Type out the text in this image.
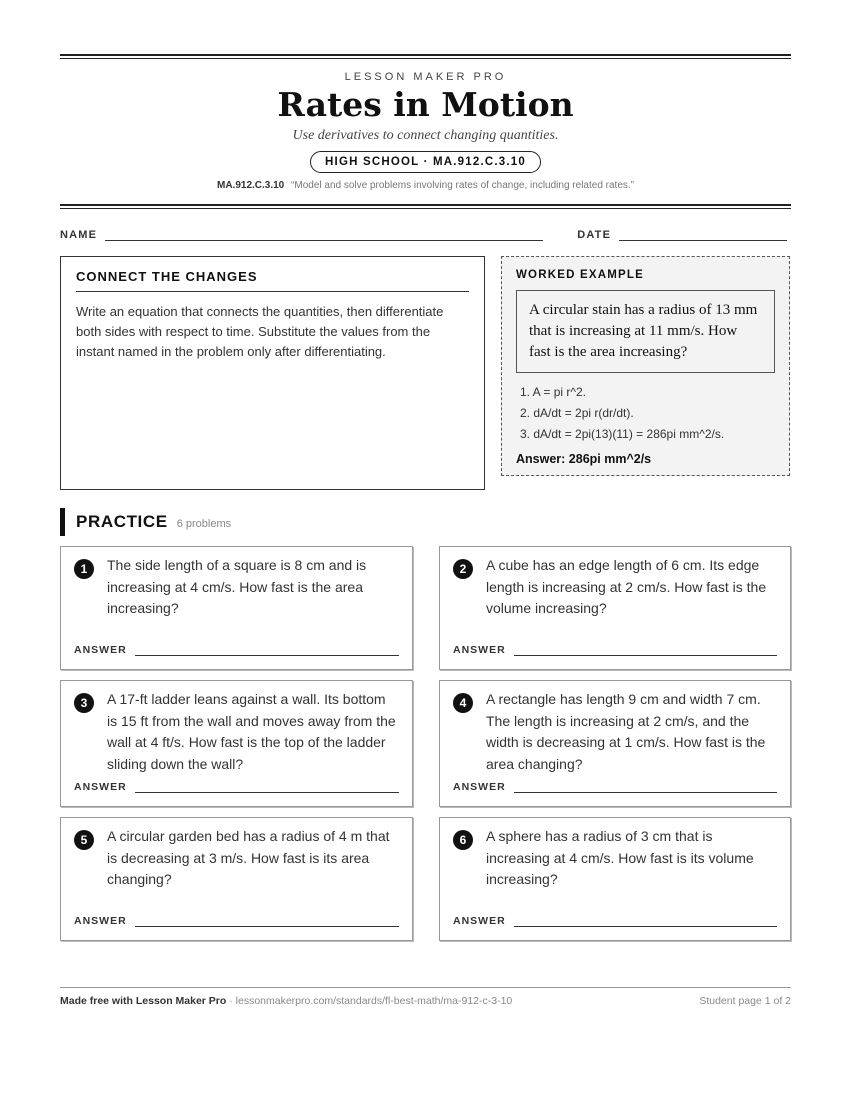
LESSON MAKER PRO
Rates in Motion
Use derivatives to connect changing quantities.
HIGH SCHOOL · MA.912.C.3.10
MA.912.C.3.10 “Model and solve problems involving rates of change, including related rates.”
NAME	DATE
CONNECT THE CHANGES
Write an equation that connects the quantities, then differentiate both sides with respect to time. Substitute the values from the instant named in the problem only after differentiating.
WORKED EXAMPLE
A circular stain has a radius of 13 mm that is increasing at 11 mm/s. How fast is the area increasing?
1. A = pi r^2.
2. dA/dt = 2pi r(dr/dt).
3. dA/dt = 2pi(13)(11) = 286pi mm^2/s.
Answer: 286pi mm^2/s
PRACTICE 6 problems
1	The side length of a square is 8 cm and is increasing at 4 cm/s. How fast is the area increasing?
ANSWER
2	A cube has an edge length of 6 cm. Its edge length is increasing at 2 cm/s. How fast is the volume increasing?
ANSWER
3	A 17-ft ladder leans against a wall. Its bottom is 15 ft from the wall and moves away from the wall at 4 ft/s. How fast is the top of the ladder sliding down the wall?
ANSWER
4	A rectangle has length 9 cm and width 7 cm. The length is increasing at 2 cm/s, and the width is decreasing at 1 cm/s. How fast is the area changing?
ANSWER
5	A circular garden bed has a radius of 4 m that is decreasing at 3 m/s. How fast is its area changing?
ANSWER
6	A sphere has a radius of 3 cm that is increasing at 4 cm/s. How fast is its volume increasing?
ANSWER
Made free with Lesson Maker Pro · lessonmakerpro.com/standards/fl-best-math/ma-912-c-3-10	Student page 1 of 2
